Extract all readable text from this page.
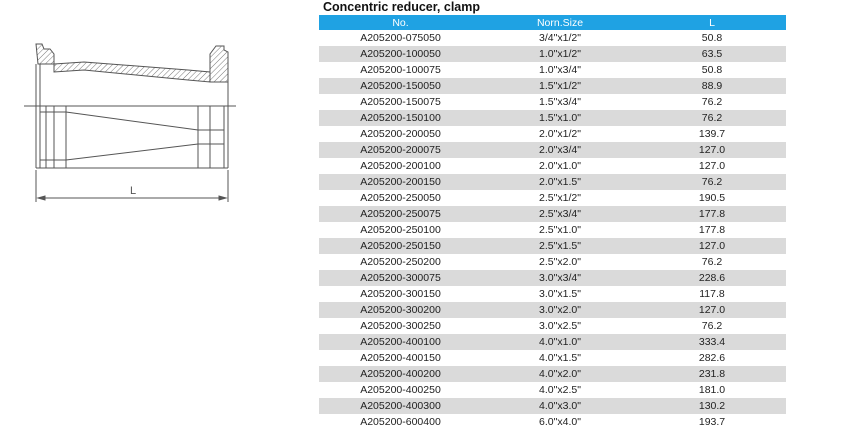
L
Concentric reducer, clamp
No.	Norn.Size	L
A205200-075050	3/4"x1/2"	50.8
A205200-100050	1.0"x1/2"	63.5
A205200-100075	1.0"x3/4"	50.8
A205200-150050	1.5"x1/2"	88.9
A205200-150075	1.5"x3/4"	76.2
A205200-150100	1.5"x1.0"	76.2
A205200-200050	2.0"x1/2"	139.7
A205200-200075	2.0"x3/4"	127.0
A205200-200100	2.0"x1.0"	127.0
A205200-200150	2.0"x1.5"	76.2
A205200-250050	2.5"x1/2"	190.5
A205200-250075	2.5"x3/4"	177.8
A205200-250100	2.5"x1.0"	177.8
A205200-250150	2.5"x1.5"	127.0
A205200-250200	2.5"x2.0"	76.2
A205200-300075	3.0"x3/4"	228.6
A205200-300150	3.0"x1.5"	117.8
A205200-300200	3.0"x2.0"	127.0
A205200-300250	3.0"x2.5"	76.2
A205200-400100	4.0"x1.0"	333.4
A205200-400150	4.0"x1.5"	282.6
A205200-400200	4.0"x2.0"	231.8
A205200-400250	4.0"x2.5"	181.0
A205200-400300	4.0"x3.0"	130.2
A205200-600400	6.0"x4.0"	193.7
